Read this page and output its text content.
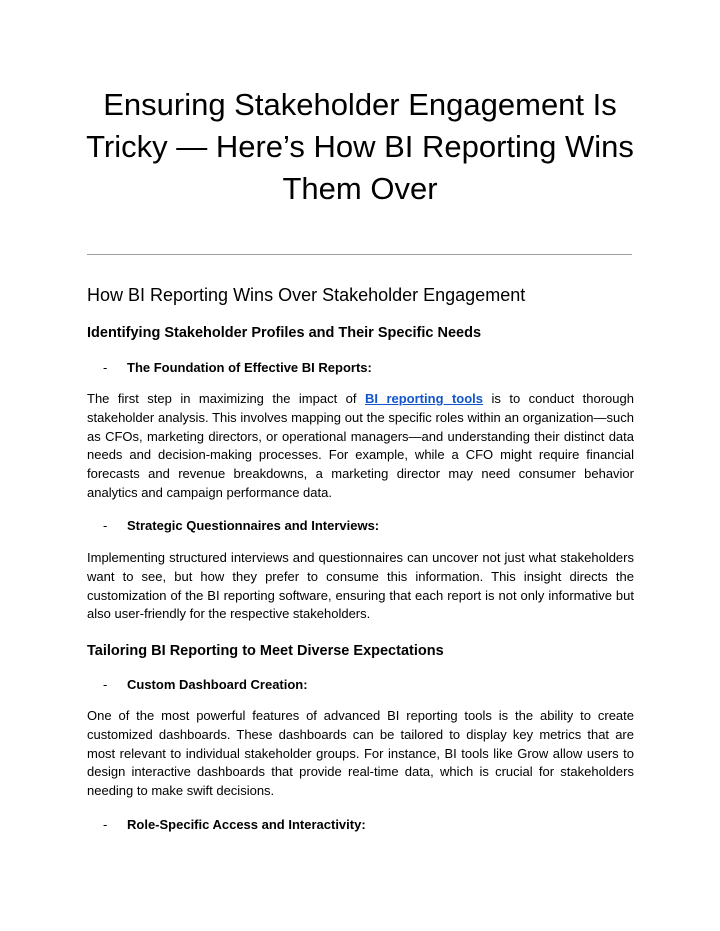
Ensuring Stakeholder Engagement Is Tricky — Here’s How BI Reporting Wins Them Over
How BI Reporting Wins Over Stakeholder Engagement
Identifying Stakeholder Profiles and Their Specific Needs

- The Foundation of Effective BI Reports:

The first step in maximizing the impact of BI reporting tools is to conduct thorough stakeholder analysis. This involves mapping out the specific roles within an organization—such as CFOs, marketing directors, or operational managers—and understanding their distinct data needs and decision-making processes. For example, while a CFO might require financial forecasts and revenue breakdowns, a marketing director may need consumer behavior analytics and campaign performance data.

- Strategic Questionnaires and Interviews:

Implementing structured interviews and questionnaires can uncover not just what stakeholders want to see, but how they prefer to consume this information. This insight directs the customization of the BI reporting software, ensuring that each report is not only informative but also user-friendly for the respective stakeholders.

Tailoring BI Reporting to Meet Diverse Expectations

- Custom Dashboard Creation:

One of the most powerful features of advanced BI reporting tools is the ability to create customized dashboards. These dashboards can be tailored to display key metrics that are most relevant to individual stakeholder groups. For instance, BI tools like Grow allow users to design interactive dashboards that provide real-time data, which is crucial for stakeholders needing to make swift decisions.

- Role-Specific Access and Interactivity:
